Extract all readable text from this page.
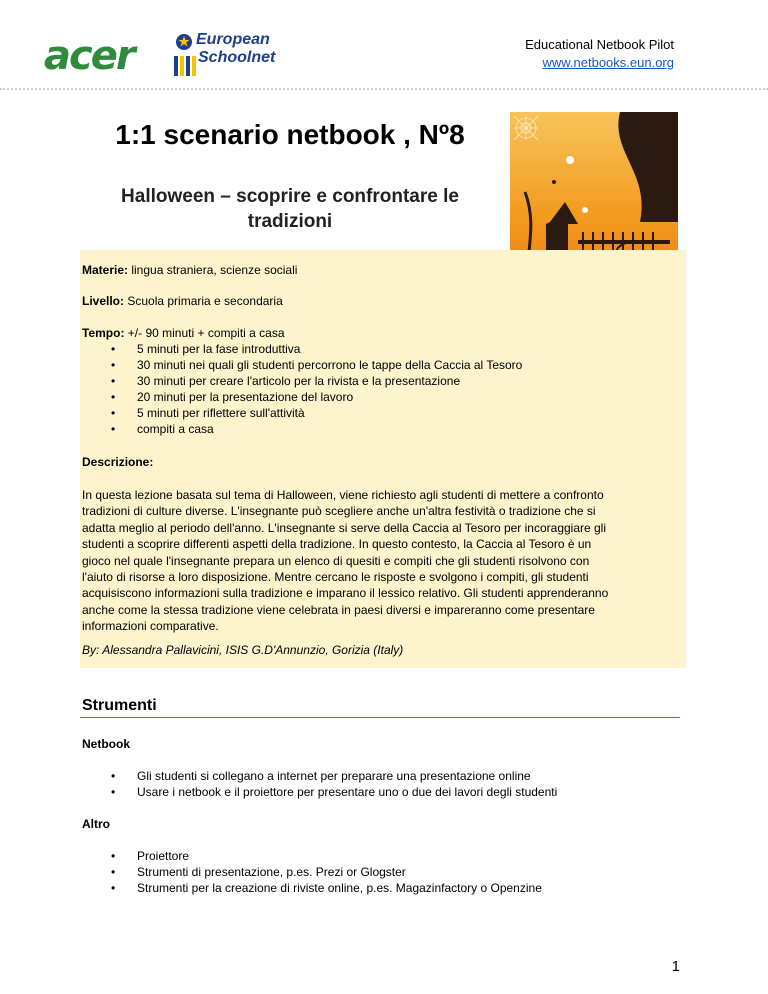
acer	European
Schoolnet
Educational Netbook Pilot
www.netbooks.eun.org
1:1 scenario netbook , Nº8
Halloween – scoprire e confrontare le tradizioni
Materie: lingua straniera, scienze sociali
Livello: Scuola primaria e secondaria
Tempo: +/- 90 minuti + compiti a casa
• 5 minuti per la fase introduttiva
• 30 minuti nei quali gli studenti percorrono le tappe della Caccia al Tesoro
• 30 minuti per creare l'articolo per la rivista e la presentazione
• 20 minuti per la presentazione del lavoro
• 5 minuti per riflettere sull'attività
• compiti a casa
Descrizione:
In questa lezione basata sul tema di Halloween, viene richiesto agli studenti di mettere a confronto
tradizioni di culture diverse. L'insegnante può scegliere anche un'altra festività o tradizione che si
adatta meglio al periodo dell'anno. L'insegnante si serve della Caccia al Tesoro per incoraggiare gli
studenti a scoprire differenti aspetti della tradizione. In questo contesto, la Caccia al Tesoro è un
gioco nel quale l'insegnante prepara un elenco di quesiti e compiti che gli studenti risolvono con
l'aiuto di risorse a loro disposizione. Mentre cercano le risposte e svolgono i compiti, gli studenti
acquisiscono informazioni sulla tradizione e imparano il lessico relativo. Gli studenti apprenderanno
anche come la stessa tradizione viene celebrata in paesi diversi e impareranno come presentare
informazioni comparative.
By: Alessandra Pallavicini, ISIS G.D'Annunzio, Gorizia (Italy)
Strumenti
Netbook
• Gli studenti si collegano a internet per preparare una presentazione online
• Usare i netbook e il proiettore per presentare uno o due dei lavori degli studenti
Altro
• Proiettore
• Strumenti di presentazione, p.es. Prezi or Glogster
• Strumenti per la creazione di riviste online, p.es. Magazinfactory o Openzine
1
